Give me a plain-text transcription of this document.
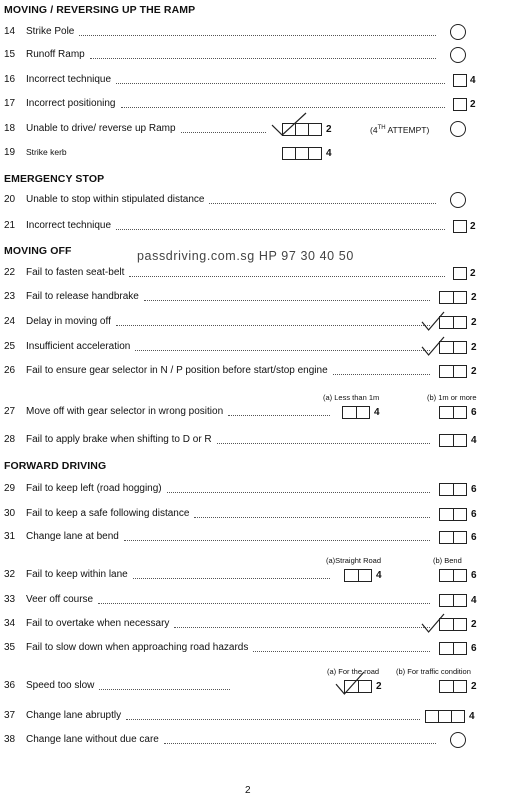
MOVING / REVERSING UP THE RAMP
EMERGENCY STOP
MOVING OFF
FORWARD DRIVING
14 Strike Pole
15 Runoff Ramp
16 Incorrect technique	4
17 Incorrect positioning	2
18 Unable to drive/ reverse up Ramp	2	(4TH ATTEMPT)
19 Strike kerb	4
20 Unable to stop within stipulated distance
21 Incorrect technique	2
22 Fail to fasten seat-belt	2
23 Fail to release handbrake	2
24 Delay in moving off	2
25 Insufficient acceleration	2
26 Fail to ensure gear selector in N / P position before start/stop engine	2
27 Move off with gear selector in wrong position	4	6
(a) Less than 1m	(b) 1m or more
28 Fail to apply brake when shifting to D or R	4
29 Fail to keep left (road hogging)	6
30 Fail to keep a safe following distance	6
31 Change lane at bend	6
32 Fail to keep within lane	4	6
(a)Straight Road	(b) Bend
33 Veer off course	4
34 Fail to overtake when necessary	2
35 Fail to slow down when approaching road hazards	6
36 Speed too slow	2	2
(a) For the road (b) For traffic condition
37 Change lane abruptly	4
38 Change lane without due care
passdriving.com.sg HP 97 30 40 50
2
